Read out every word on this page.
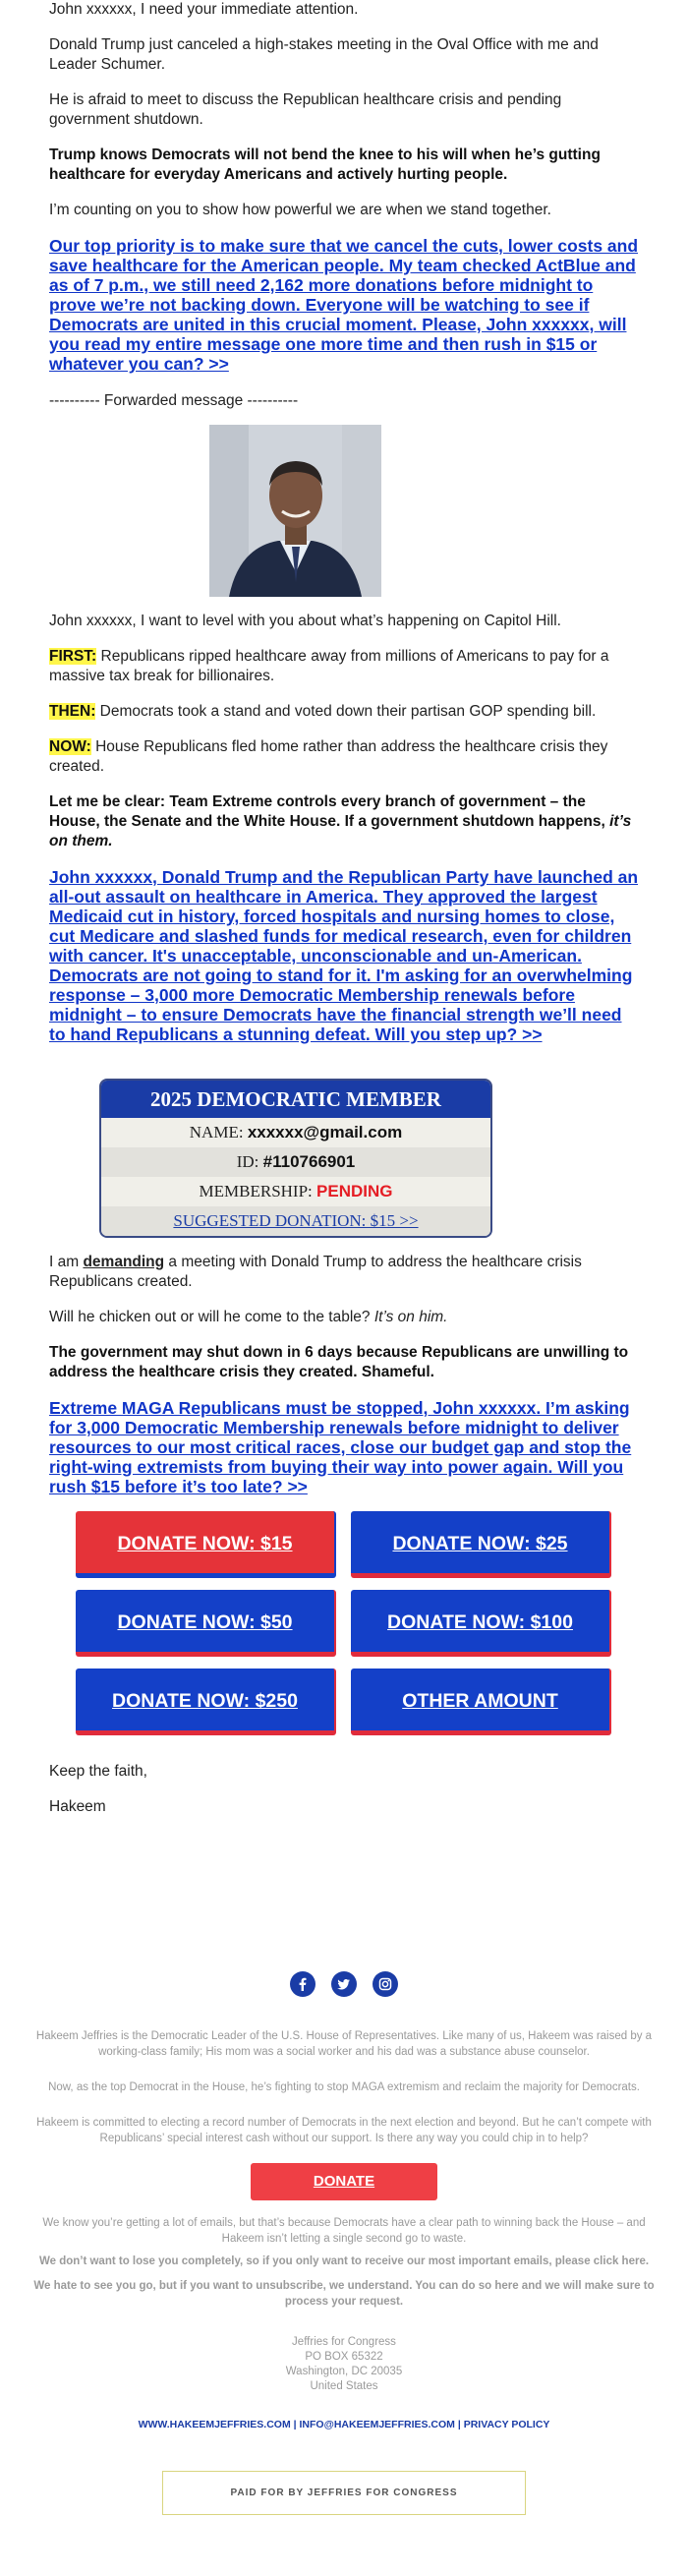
John xxxxxx, I need your immediate attention.

Donald Trump just canceled a high-stakes meeting in the Oval Office with me and Leader Schumer.

He is afraid to meet to discuss the Republican healthcare crisis and pending government shutdown.

Trump knows Democrats will not bend the knee to his will when he’s gutting healthcare for everyday Americans and actively hurting people.

I’m counting on you to show how powerful we are when we stand together.

Our top priority is to make sure that we cancel the cuts, lower costs and save healthcare for the American people. My team checked ActBlue and as of 7 p.m., we still need 2,162 more donations before midnight to prove we’re not backing down. Everyone will be watching to see if Democrats are united in this crucial moment. Please, John xxxxxx, will you read my entire message one more time and then rush in $15 or whatever you can? >>

---------- Forwarded message ----------

John xxxxxx, I want to level with you about what’s happening on Capitol Hill.

FIRST: Republicans ripped healthcare away from millions of Americans to pay for a massive tax break for billionaires.

THEN: Democrats took a stand and voted down their partisan GOP spending bill.

NOW: House Republicans fled home rather than address the healthcare crisis they created.

Let me be clear: Team Extreme controls every branch of government – the House, the Senate and the White House. If a government shutdown happens, it’s on them.

John xxxxxx, Donald Trump and the Republican Party have launched an all-out assault on healthcare in America. They approved the largest Medicaid cut in history, forced hospitals and nursing homes to close, cut Medicare and slashed funds for medical research, even for children with cancer. It's unacceptable, unconscionable and un-American. Democrats are not going to stand for it. I'm asking for an overwhelming response – 3,000 more Democratic Membership renewals before midnight – to ensure Democrats have the financial strength we’ll need to hand Republicans a stunning defeat. Will you step up? >>
2025 DEMOCRATIC MEMBER
NAME: xxxxxx@gmail.com
ID: #110766901
MEMBERSHIP: PENDING
SUGGESTED DONATION: $15 >>

I am demanding a meeting with Donald Trump to address the healthcare crisis Republicans created.

Will he chicken out or will he come to the table? It’s on him.

The government may shut down in 6 days because Republicans are unwilling to address the healthcare crisis they created. Shameful.

Extreme MAGA Republicans must be stopped, John xxxxxx. I’m asking for 3,000 Democratic Membership renewals before midnight to deliver resources to our most critical races, close our budget gap and stop the right-wing extremists from buying their way into power again. Will you rush $15 before it’s too late? >>
DONATE NOW: $15	DONATE NOW: $25
DONATE NOW: $50	DONATE NOW: $100
DONATE NOW: $250	OTHER AMOUNT

Keep the faith,

Hakeem

Hakeem Jeffries is the Democratic Leader of the U.S. House of Representatives. Like many of us, Hakeem was raised by a working-class family; His mom was a social worker and his dad was a substance abuse counselor.

Now, as the top Democrat in the House, he’s fighting to stop MAGA extremism and reclaim the majority for Democrats.

Hakeem is committed to electing a record number of Democrats in the next election and beyond. But he can’t compete with Republicans’ special interest cash without our support. Is there any way you could chip in to help?

DONATE

We know you’re getting a lot of emails, but that’s because Democrats have a clear path to winning back the House – and Hakeem isn’t letting a single second go to waste.

We don’t want to lose you completely, so if you only want to receive our most important emails, please click here.

We hate to see you go, but if you want to unsubscribe, we understand. You can do so here and we will make sure to process your request.

Jeffries for Congress
PO BOX 65322
Washington, DC 20035
United States
WWW.HAKEEMJEFFRIES.COM | INFO@HAKEEMJEFFRIES.COM | PRIVACY POLICY
PAID FOR BY JEFFRIES FOR CONGRESS
